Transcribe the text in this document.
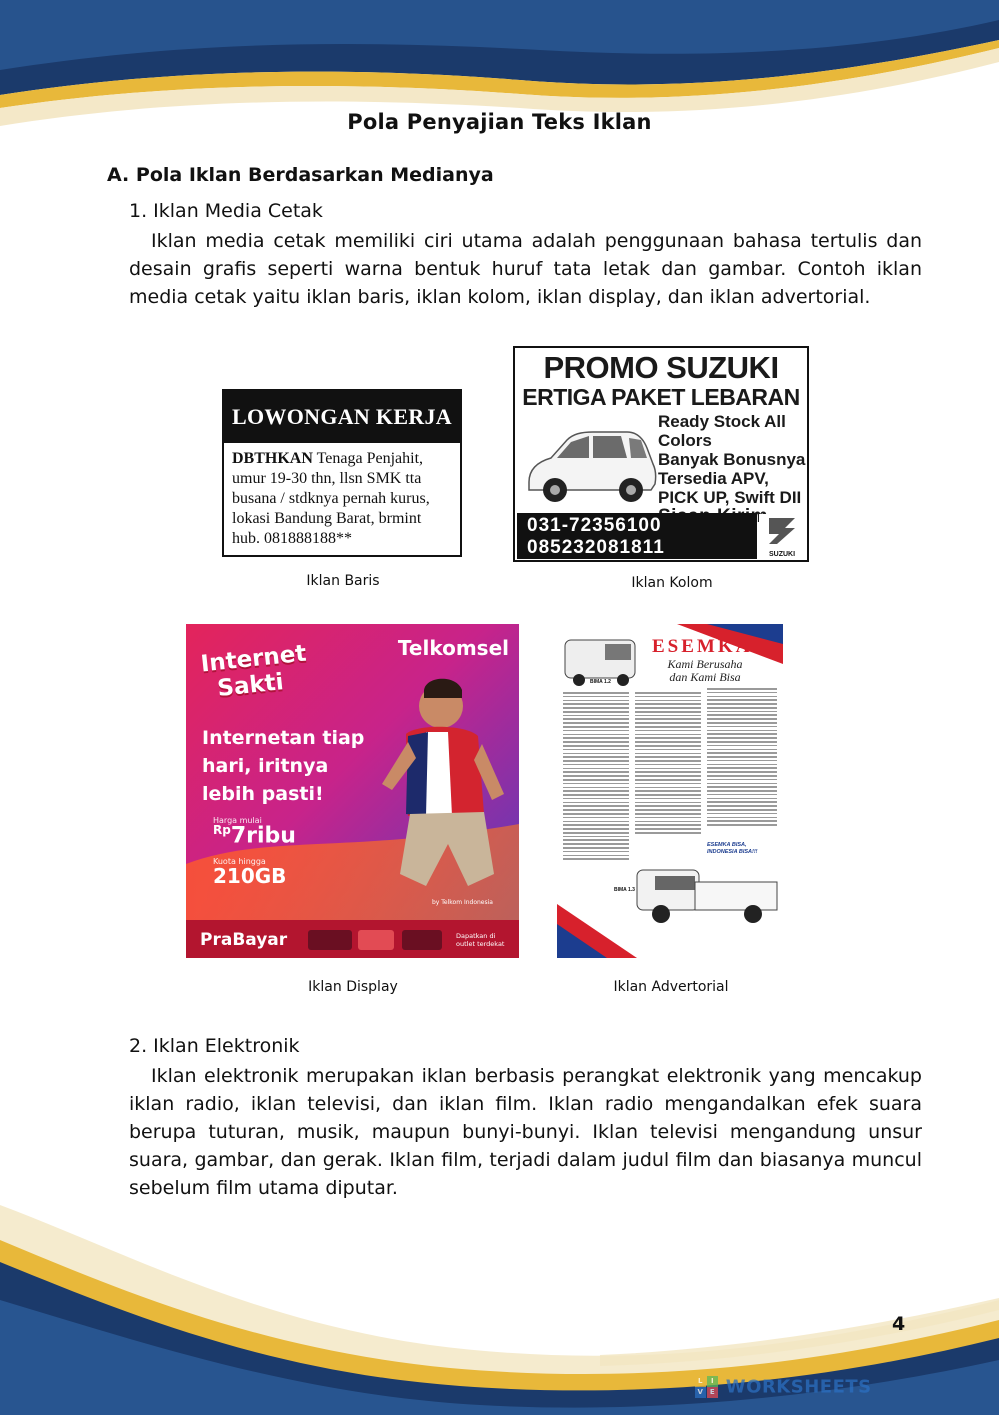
Pola Penyajian Teks Iklan
A. Pola Iklan Berdasarkan Medianya
1. Iklan Media Cetak
Iklan media cetak memiliki ciri utama adalah penggunaan bahasa tertulis dan desain grafis seperti warna bentuk huruf tata letak dan gambar. Contoh iklan media cetak yaitu iklan baris, iklan kolom, iklan display, dan iklan advertorial.
LOWONGAN KERJA
DBTHKAN Tenaga Penjahit,
umur 19-30 thn, llsn SMK tta
busana / stdknya pernah kurus,
lokasi Bandung Barat, brmint
hub. 081888188**
Iklan Baris
PROMO SUZUKI
ERTIGA PAKET LEBARAN
Ready Stock All Colors
Banyak Bonusnya
Tersedia APV,
PICK UP, Swift DII
031-72356100
085232081811	SUZUKI
Iklan Kolom
Telkomsel
Internet
Sakti
Internetan tiap
hari, iritnya
lebih pasti!
Harga mulai
$^{Rp}$7ribu
Kuota hingga
210GB
by Telkom Indonesia
PraBayar	Dapatkan di
outlet terdekat
Iklan Display
ESEMKA
Kami Berusaha
dan Kami Bisa
BIMA 1.2
ESEMKA BISA,
INDONESIA BISA!!!
BIMA 1.3
Iklan Advertorial
2. Iklan Elektronik
Iklan elektronik merupakan iklan berbasis perangkat elektronik yang mencakup iklan radio, iklan televisi, dan iklan film. Iklan radio mengandalkan efek suara berupa tuturan, musik, maupun bunyi-bunyi. Iklan televisi mengandung unsur suara, gambar, dan gerak. Iklan film, terjadi dalam judul film dan biasanya muncul sebelum film utama diputar.
4
L IV E WORKSHEETS
